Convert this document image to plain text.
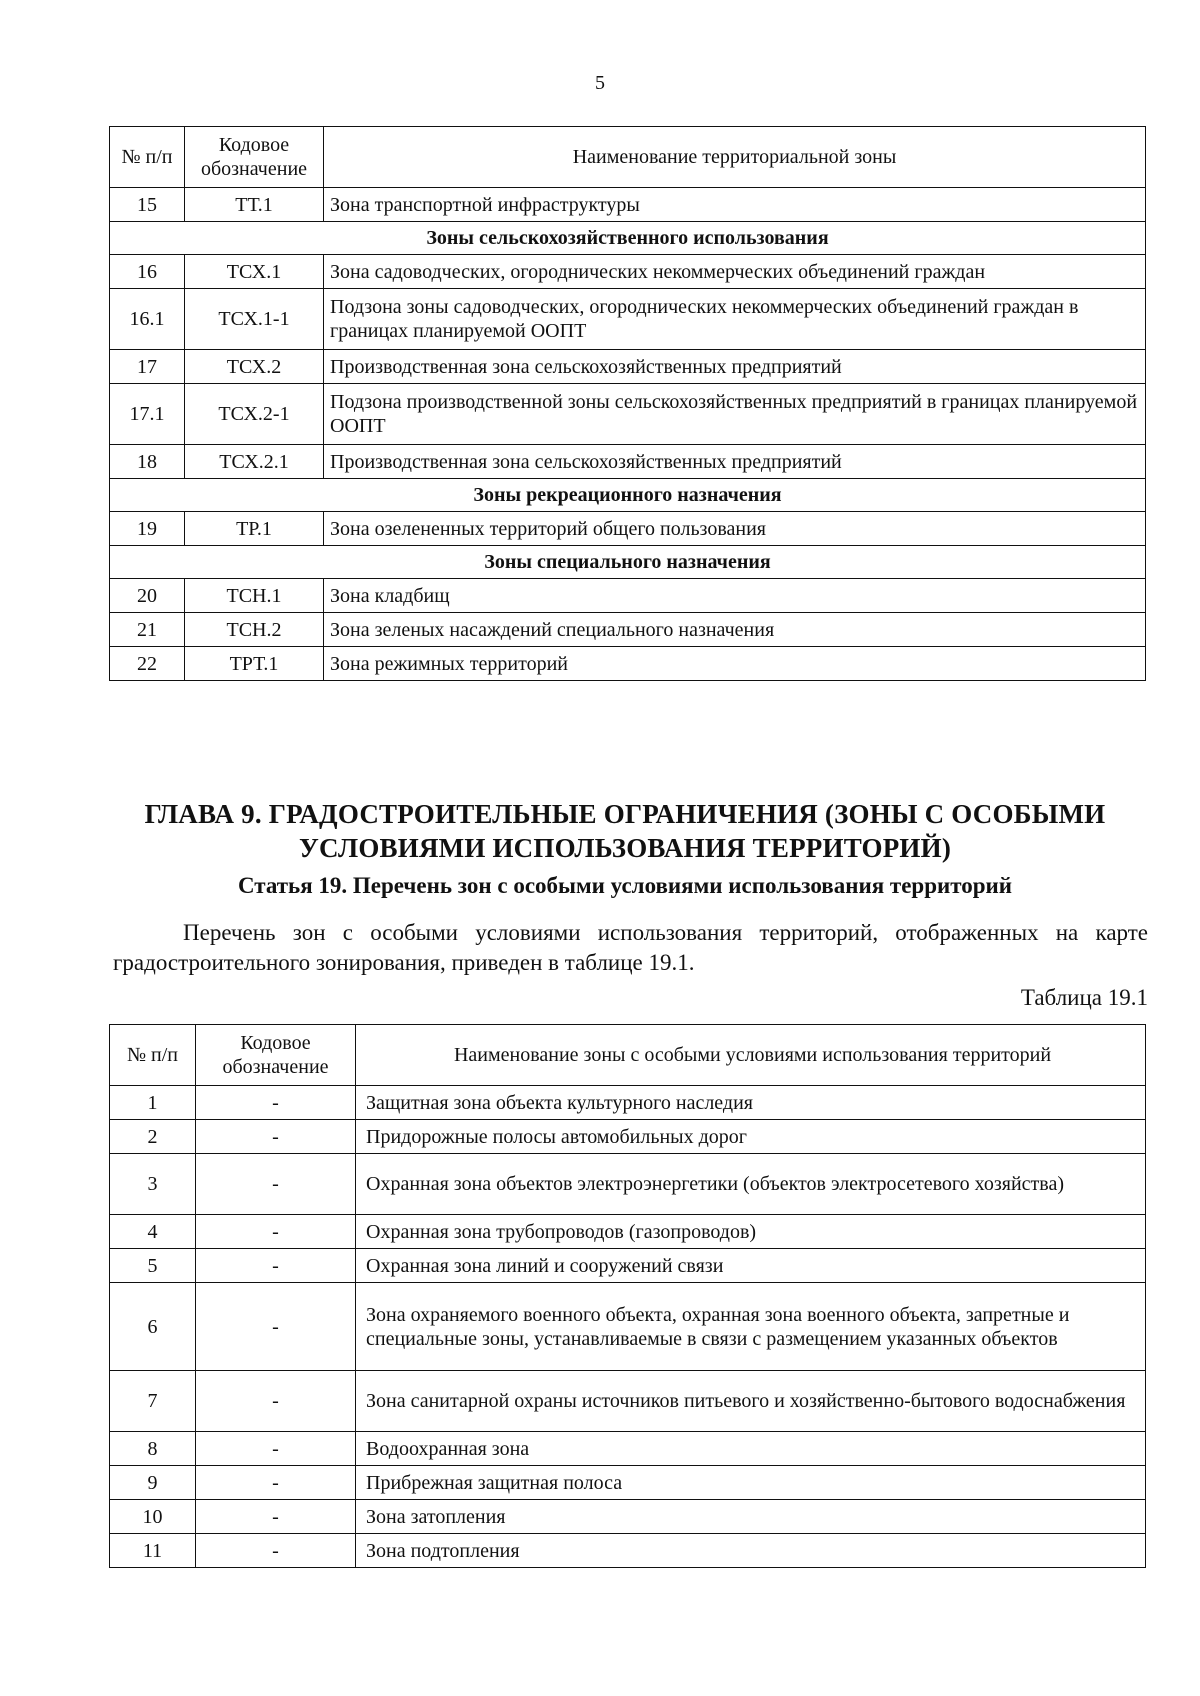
5
№ п/п	Кодовое обозначение	Наименование территориальной зоны
15	ТТ.1	Зона транспортной инфраструктуры
Зоны сельскохозяйственного использования		
16	ТСХ.1	Зона садоводческих, огороднических некоммерческих объединений граждан
16.1	ТСХ.1-1	Подзона зоны садоводческих, огороднических некоммерческих объединений граждан в границах планируемой ООПТ
17	ТСХ.2	Производственная зона сельскохозяйственных предприятий
17.1	ТСХ.2-1	Подзона производственной зоны сельскохозяйственных предприятий в границах планируемой ООПТ
18	ТСХ.2.1	Производственная зона сельскохозяйственных предприятий
Зоны рекреационного назначения		
19	ТР.1	Зона озелененных территорий общего пользования
Зоны специального назначения		
20	ТСН.1	Зона кладбищ
21	ТСН.2	Зона зеленых насаждений специального назначения
22	ТРТ.1	Зона режимных территорий
ГЛАВА 9. ГРАДОСТРОИТЕЛЬНЫЕ ОГРАНИЧЕНИЯ (ЗОНЫ С ОСОБЫМИ УСЛОВИЯМИ ИСПОЛЬЗОВАНИЯ ТЕРРИТОРИЙ)
Статья 19. Перечень зон с особыми условиями использования территорий
Перечень зон с особыми условиями использования территорий, отображенных на карте градостроительного зонирования, приведен в таблице 19.1.
Таблица 19.1
№ п/п	Кодовое обозначение	Наименование зоны с особыми условиями использования территорий
1	-	Защитная зона объекта культурного наследия
2	-	Придорожные полосы автомобильных дорог
3	-	Охранная зона объектов электроэнергетики (объектов электросетевого хозяйства)
4	-	Охранная зона трубопроводов (газопроводов)
5	-	Охранная зона линий и сооружений связи
6	-	Зона охраняемого военного объекта, охранная зона военного объекта, запретные и специальные зоны, устанавливаемые в связи с размещением указанных объектов
7	-	Зона санитарной охраны источников питьевого и хозяйственно-бытового водоснабжения
8	-	Водоохранная зона
9	-	Прибрежная защитная полоса
10	-	Зона затопления
11	-	Зона подтопления
